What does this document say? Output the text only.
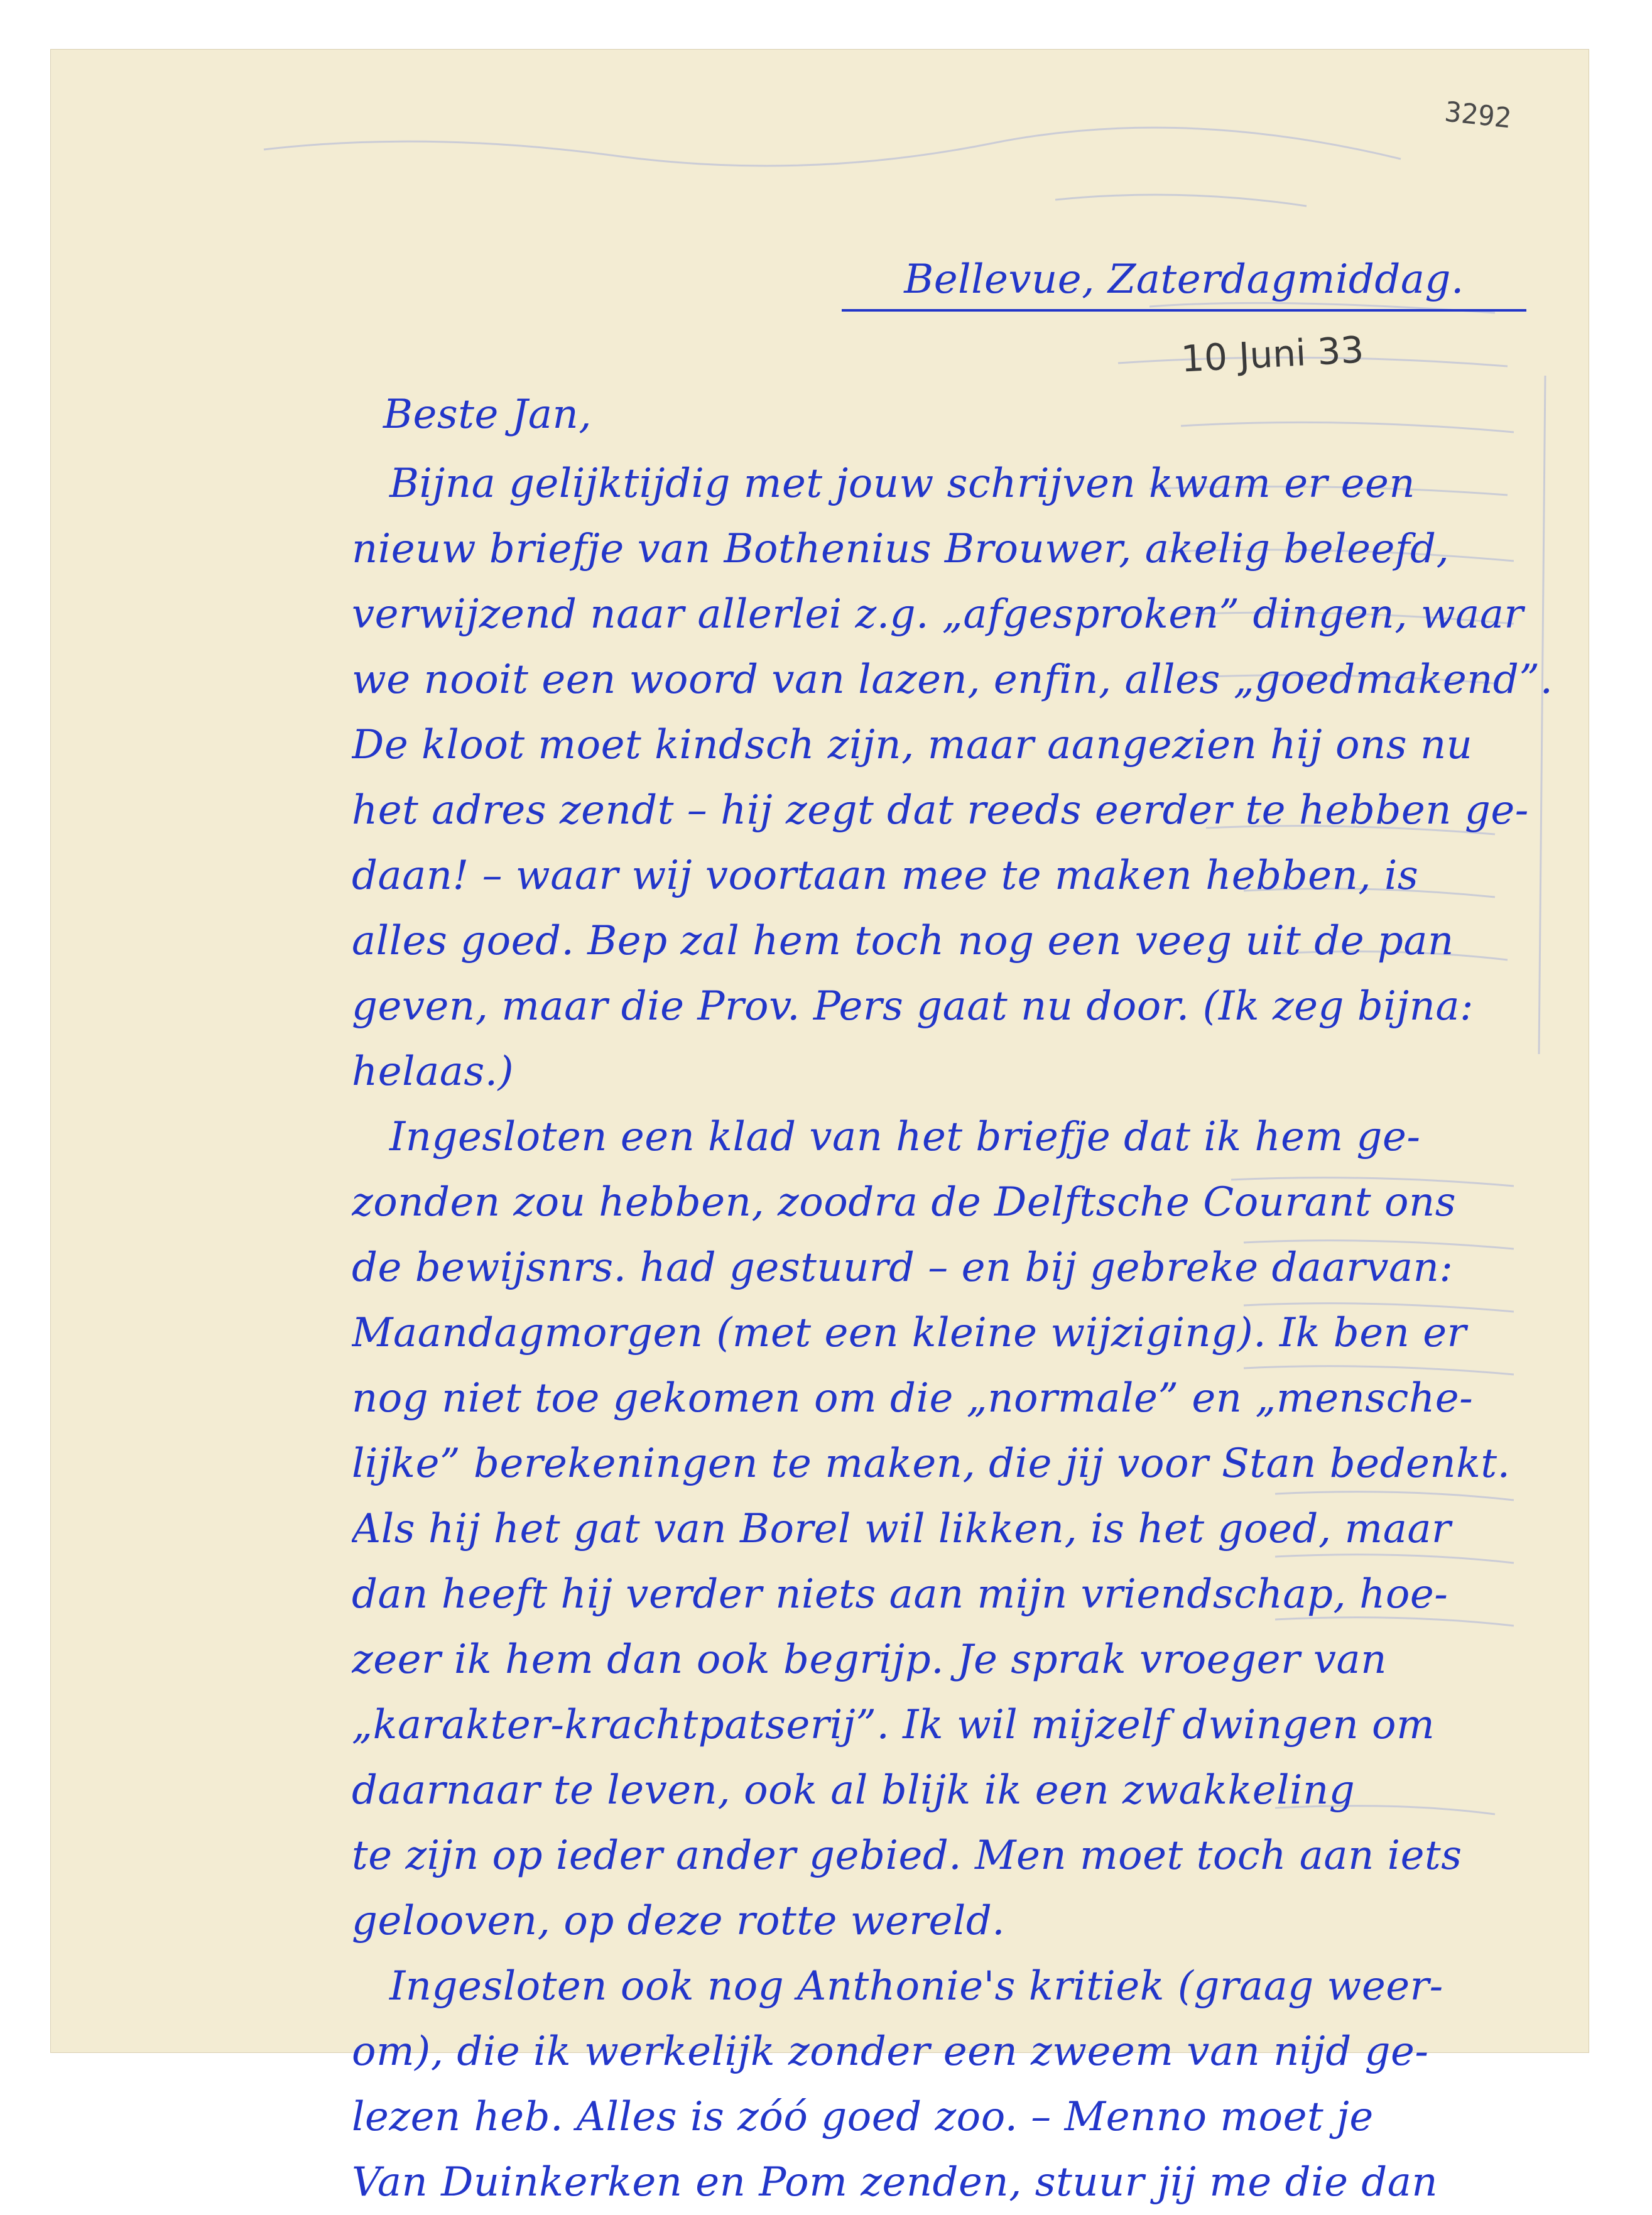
3292
Bellevue, Zaterdagmiddag.
10 Juni 33
Beste Jan,
Bijna gelijktijdig met jouw schrijven kwam er een
nieuw briefje van Bothenius Brouwer, akelig beleefd,
verwijzend naar allerlei z.g. „afgesproken” dingen, waar
we nooit een woord van lazen, enfin, alles „goedmakend”.
De kloot moet kindsch zijn, maar aangezien hij ons nu
het adres zendt – hij zegt dat reeds eerder te hebben ge-
daan! – waar wij voortaan mee te maken hebben, is
alles goed. Bep zal hem toch nog een veeg uit de pan
geven, maar die Prov. Pers gaat nu door. (Ik zeg bijna:
helaas.)
Ingesloten een klad van het briefje dat ik hem ge-
zonden zou hebben, zoodra de Delftsche Courant ons
de bewijsnrs. had gestuurd – en bij gebreke daarvan:
Maandagmorgen (met een kleine wijziging). Ik ben er
nog niet toe gekomen om die „normale” en „mensche-
lijke” berekeningen te maken, die jij voor Stan bedenkt.
Als hij het gat van Borel wil likken, is het goed, maar
dan heeft hij verder niets aan mijn vriendschap, hoe-
zeer ik hem dan ook begrijp. Je sprak vroeger van
„karakter-krachtpatserij”. Ik wil mijzelf dwingen om
daarnaar te leven, ook al blijk ik een zwakkeling
te zijn op ieder ander gebied. Men moet toch aan iets
gelooven, op deze rotte wereld.
Ingesloten ook nog Anthonie's kritiek (graag weer-
om), die ik werkelijk zonder een zweem van nijd ge-
lezen heb. Alles is zóó goed zoo. – Menno moet je
Van Duinkerken en Pom zenden, stuur jij me die dan
